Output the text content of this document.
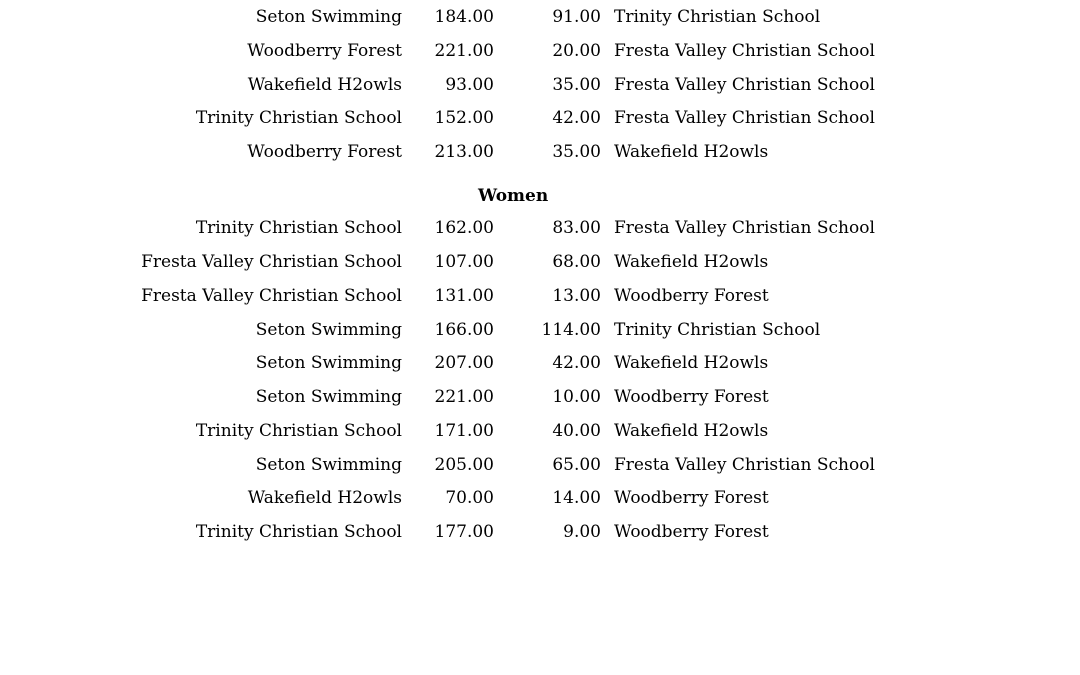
Seton Swimming 184.00	91.00 Trinity Christian School
Woodberry Forest 221.00	20.00 Fresta Valley Christian School
Wakefield H2owls	93.00	35.00 Fresta Valley Christian School
Trinity Christian School 152.00	42.00 Fresta Valley Christian School
Woodberry Forest 213.00	35.00 Wakefield H2owls
Women
Trinity Christian School 162.00	83.00 Fresta Valley Christian School
Fresta Valley Christian School 107.00	68.00 Wakefield H2owls
Fresta Valley Christian School 131.00	13.00 Woodberry Forest
Seton Swimming 166.00	114.00 Trinity Christian School
Seton Swimming 207.00	42.00 Wakefield H2owls
Seton Swimming 221.00	10.00 Woodberry Forest
Trinity Christian School 171.00	40.00 Wakefield H2owls
Seton Swimming 205.00	65.00 Fresta Valley Christian School
Wakefield H2owls	70.00	14.00 Woodberry Forest
Trinity Christian School 177.00	9.00 Woodberry Forest
